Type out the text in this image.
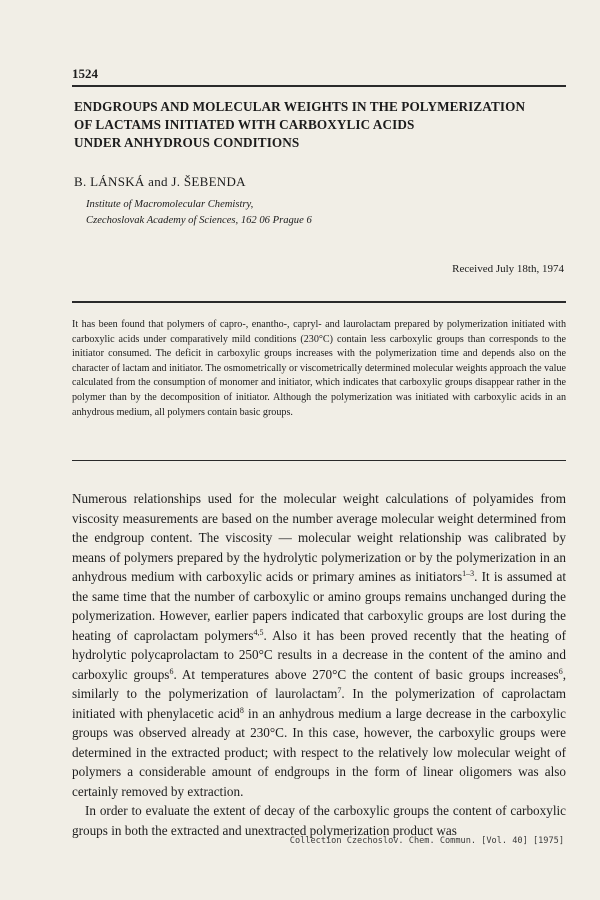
1524
ENDGROUPS AND MOLECULAR WEIGHTS IN THE POLYMERIZATION
OF LACTAMS INITIATED WITH CARBOXYLIC ACIDS
UNDER ANHYDROUS CONDITIONS
B. LÁNSKÁ and J. ŠEBENDA
Institute of Macromolecular Chemistry,
Czechoslovak Academy of Sciences, 162 06 Prague 6
Received July 18th, 1974

It has been found that polymers of capro-, enantho-, capryl- and laurolactam prepared by polymerization initiated with carboxylic acids under comparatively mild conditions (230°C) contain less carboxylic groups than corresponds to the initiator consumed. The deficit in carboxylic groups increases with the polymerization time and depends also on the character of lactam and initiator. The osmometrically or viscometrically determined molecular weights approach the value calculated from the consumption of monomer and initiator, which indicates that carboxylic groups disappear rather in the polymer than by the decomposition of initiator. Although the polymerization was initiated with carboxylic acids in an anhydrous medium, all polymers contain basic groups.

Numerous relationships used for the molecular weight calculations of polyamides from viscosity measurements are based on the number average molecular weight determined from the endgroup content. The viscosity — molecular weight relationship was calibrated by means of polymers prepared by the hydrolytic polymerization or by the polymerization in an anhydrous medium with carboxylic acids or primary amines as initiators$^{1-3}$. It is assumed at the same time that the number of carboxylic or amino groups remains unchanged during the polymerization. However, earlier papers indicated that carboxylic groups are lost during the heating of caprolactam polymers$^{4,5}$. Also it has been proved recently that the heating of hydrolytic polycaprolactam to 250°C results in a decrease in the content of the amino and carboxylic groups$^6$. At temperatures above 270°C the content of basic groups increases$^6$, similarly to the polymerization of laurolactam$^7$. In the polymerization of caprolactam initiated with phenylacetic acid$^8$ in an anhydrous medium a large decrease in the carboxylic groups was observed already at 230°C. In this case, however, the carboxylic groups were determined in the extracted product; with respect to the relatively low molecular weight of polymers a considerable amount of endgroups in the form of linear oligomers was also certainly removed by extraction.

In order to evaluate the extent of decay of the carboxylic groups the content of carboxylic groups in both the extracted and unextracted polymerization product was

Collection Czechoslov. Chem. Commun. [Vol. 40] [1975]
